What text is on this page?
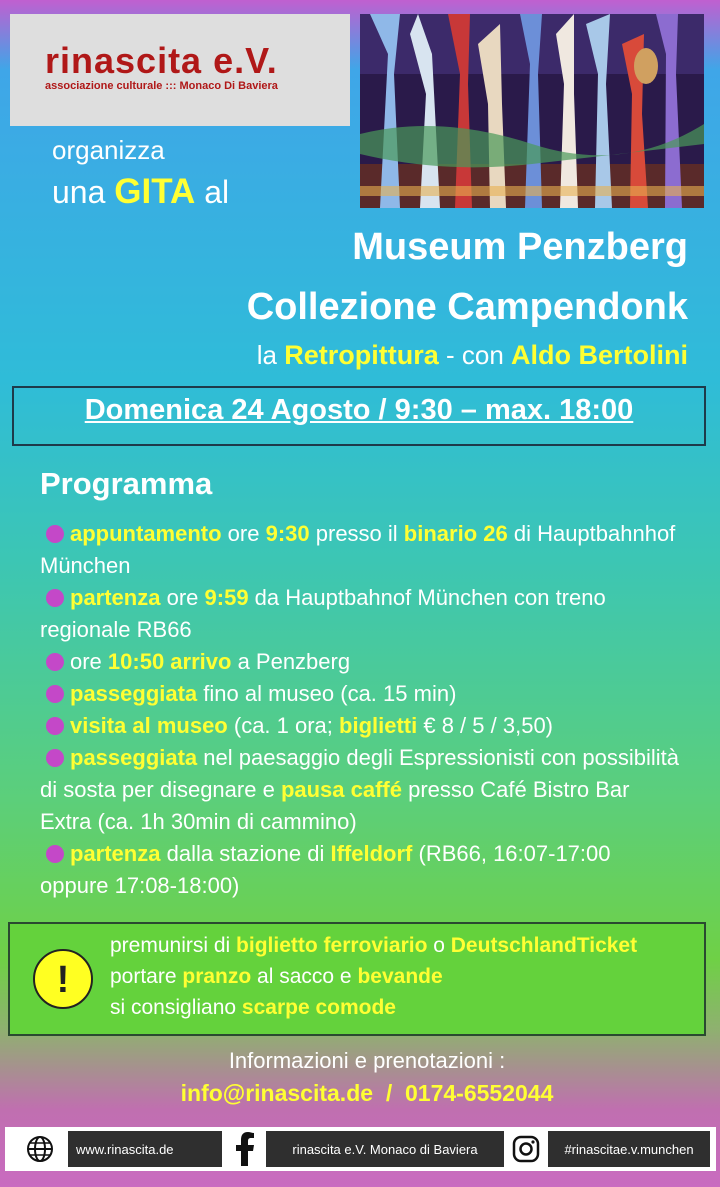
rinascita e.V.
associazione culturale ::: Monaco Di Baviera
organizza
una GITA al
Museum Penzberg
Collezione Campendonk
la Retropittura - con Aldo Bertolini
Domenica 24 Agosto / 9:30 – max. 18:00
Programma
appuntamento ore 9:30 presso il binario 26 di Hauptbahnhof München
partenza ore 9:59 da Hauptbahnof München con treno regionale RB66
ore 10:50 arrivo a Penzberg
passeggiata fino al museo (ca. 15 min)
visita al museo (ca. 1 ora; biglietti € 8 / 5 / 3,50)
passeggiata nel paesaggio degli Espressionisti con possibilità di sosta per disegnare e pausa caffé presso Café Bistro Bar Extra (ca. 1h 30min di cammino)
partenza dalla stazione di Iffeldorf (RB66, 16:07-17:00 oppure 17:08-18:00)
!
premunirsi di biglietto ferroviario o DeutschlandTicket
portare pranzo al sacco e bevande
si consigliano scarpe comode
Informazioni e prenotazioni :
info@rinascita.de  /  0174-6552044
www.rinascita.de	rinascita e.V. Monaco di Baviera	#rinascitae.v.munchen
